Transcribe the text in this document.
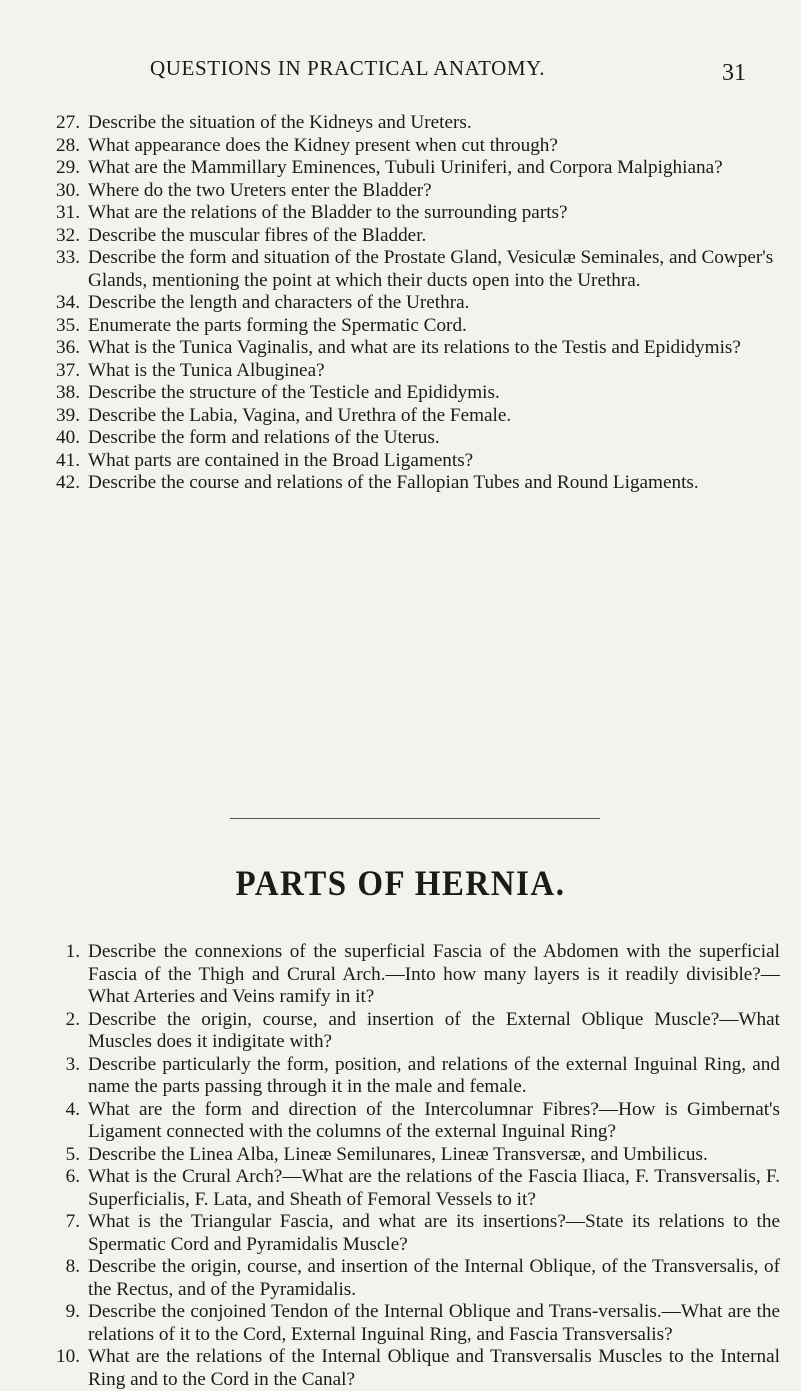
QUESTIONS IN PRACTICAL ANATOMY.	31
27. Describe the situation of the Kidneys and Ureters.
28. What appearance does the Kidney present when cut through?
29. What are the Mammillary Eminences, Tubuli Uriniferi, and Corpora Malpighiana?
30. Where do the two Ureters enter the Bladder?
31. What are the relations of the Bladder to the surrounding parts?
32. Describe the muscular fibres of the Bladder.
33. Describe the form and situation of the Prostate Gland, Vesiculæ Seminales, and Cowper's Glands, mentioning the point at which their ducts open into the Urethra.
34. Describe the length and characters of the Urethra.
35. Enumerate the parts forming the Spermatic Cord.
36. What is the Tunica Vaginalis, and what are its relations to the Testis and Epididymis?
37. What is the Tunica Albuginea?
38. Describe the structure of the Testicle and Epididymis.
39. Describe the Labia, Vagina, and Urethra of the Female.
40. Describe the form and relations of the Uterus.
41. What parts are contained in the Broad Ligaments?
42. Describe the course and relations of the Fallopian Tubes and Round Ligaments.
PARTS OF HERNIA.
1. Describe the connexions of the superficial Fascia of the Abdomen with the superficial Fascia of the Thigh and Crural Arch.—Into how many layers is it readily divisible?—What Arteries and Veins ramify in it?
2. Describe the origin, course, and insertion of the External Oblique Muscle?—What Muscles does it indigitate with?
3. Describe particularly the form, position, and relations of the external Inguinal Ring, and name the parts passing through it in the male and female.
4. What are the form and direction of the Intercolumnar Fibres?—How is Gimbernat's Ligament connected with the columns of the external Inguinal Ring?
5. Describe the Linea Alba, Lineæ Semilunares, Lineæ Transversæ, and Umbilicus.
6. What is the Crural Arch?—What are the relations of the Fascia Iliaca, F. Transversalis, F. Superficialis, F. Lata, and Sheath of Femoral Vessels to it?
7. What is the Triangular Fascia, and what are its insertions?—State its relations to the Spermatic Cord and Pyramidalis Muscle?
8. Describe the origin, course, and insertion of the Internal Oblique, of the Transversalis, of the Rectus, and of the Pyramidalis.
9. Describe the conjoined Tendon of the Internal Oblique and Trans-versalis.—What are the relations of it to the Cord, External Inguinal Ring, and Fascia Transversalis?
10. What are the relations of the Internal Oblique and Transversalis Muscles to the Internal Ring and to the Cord in the Canal?
